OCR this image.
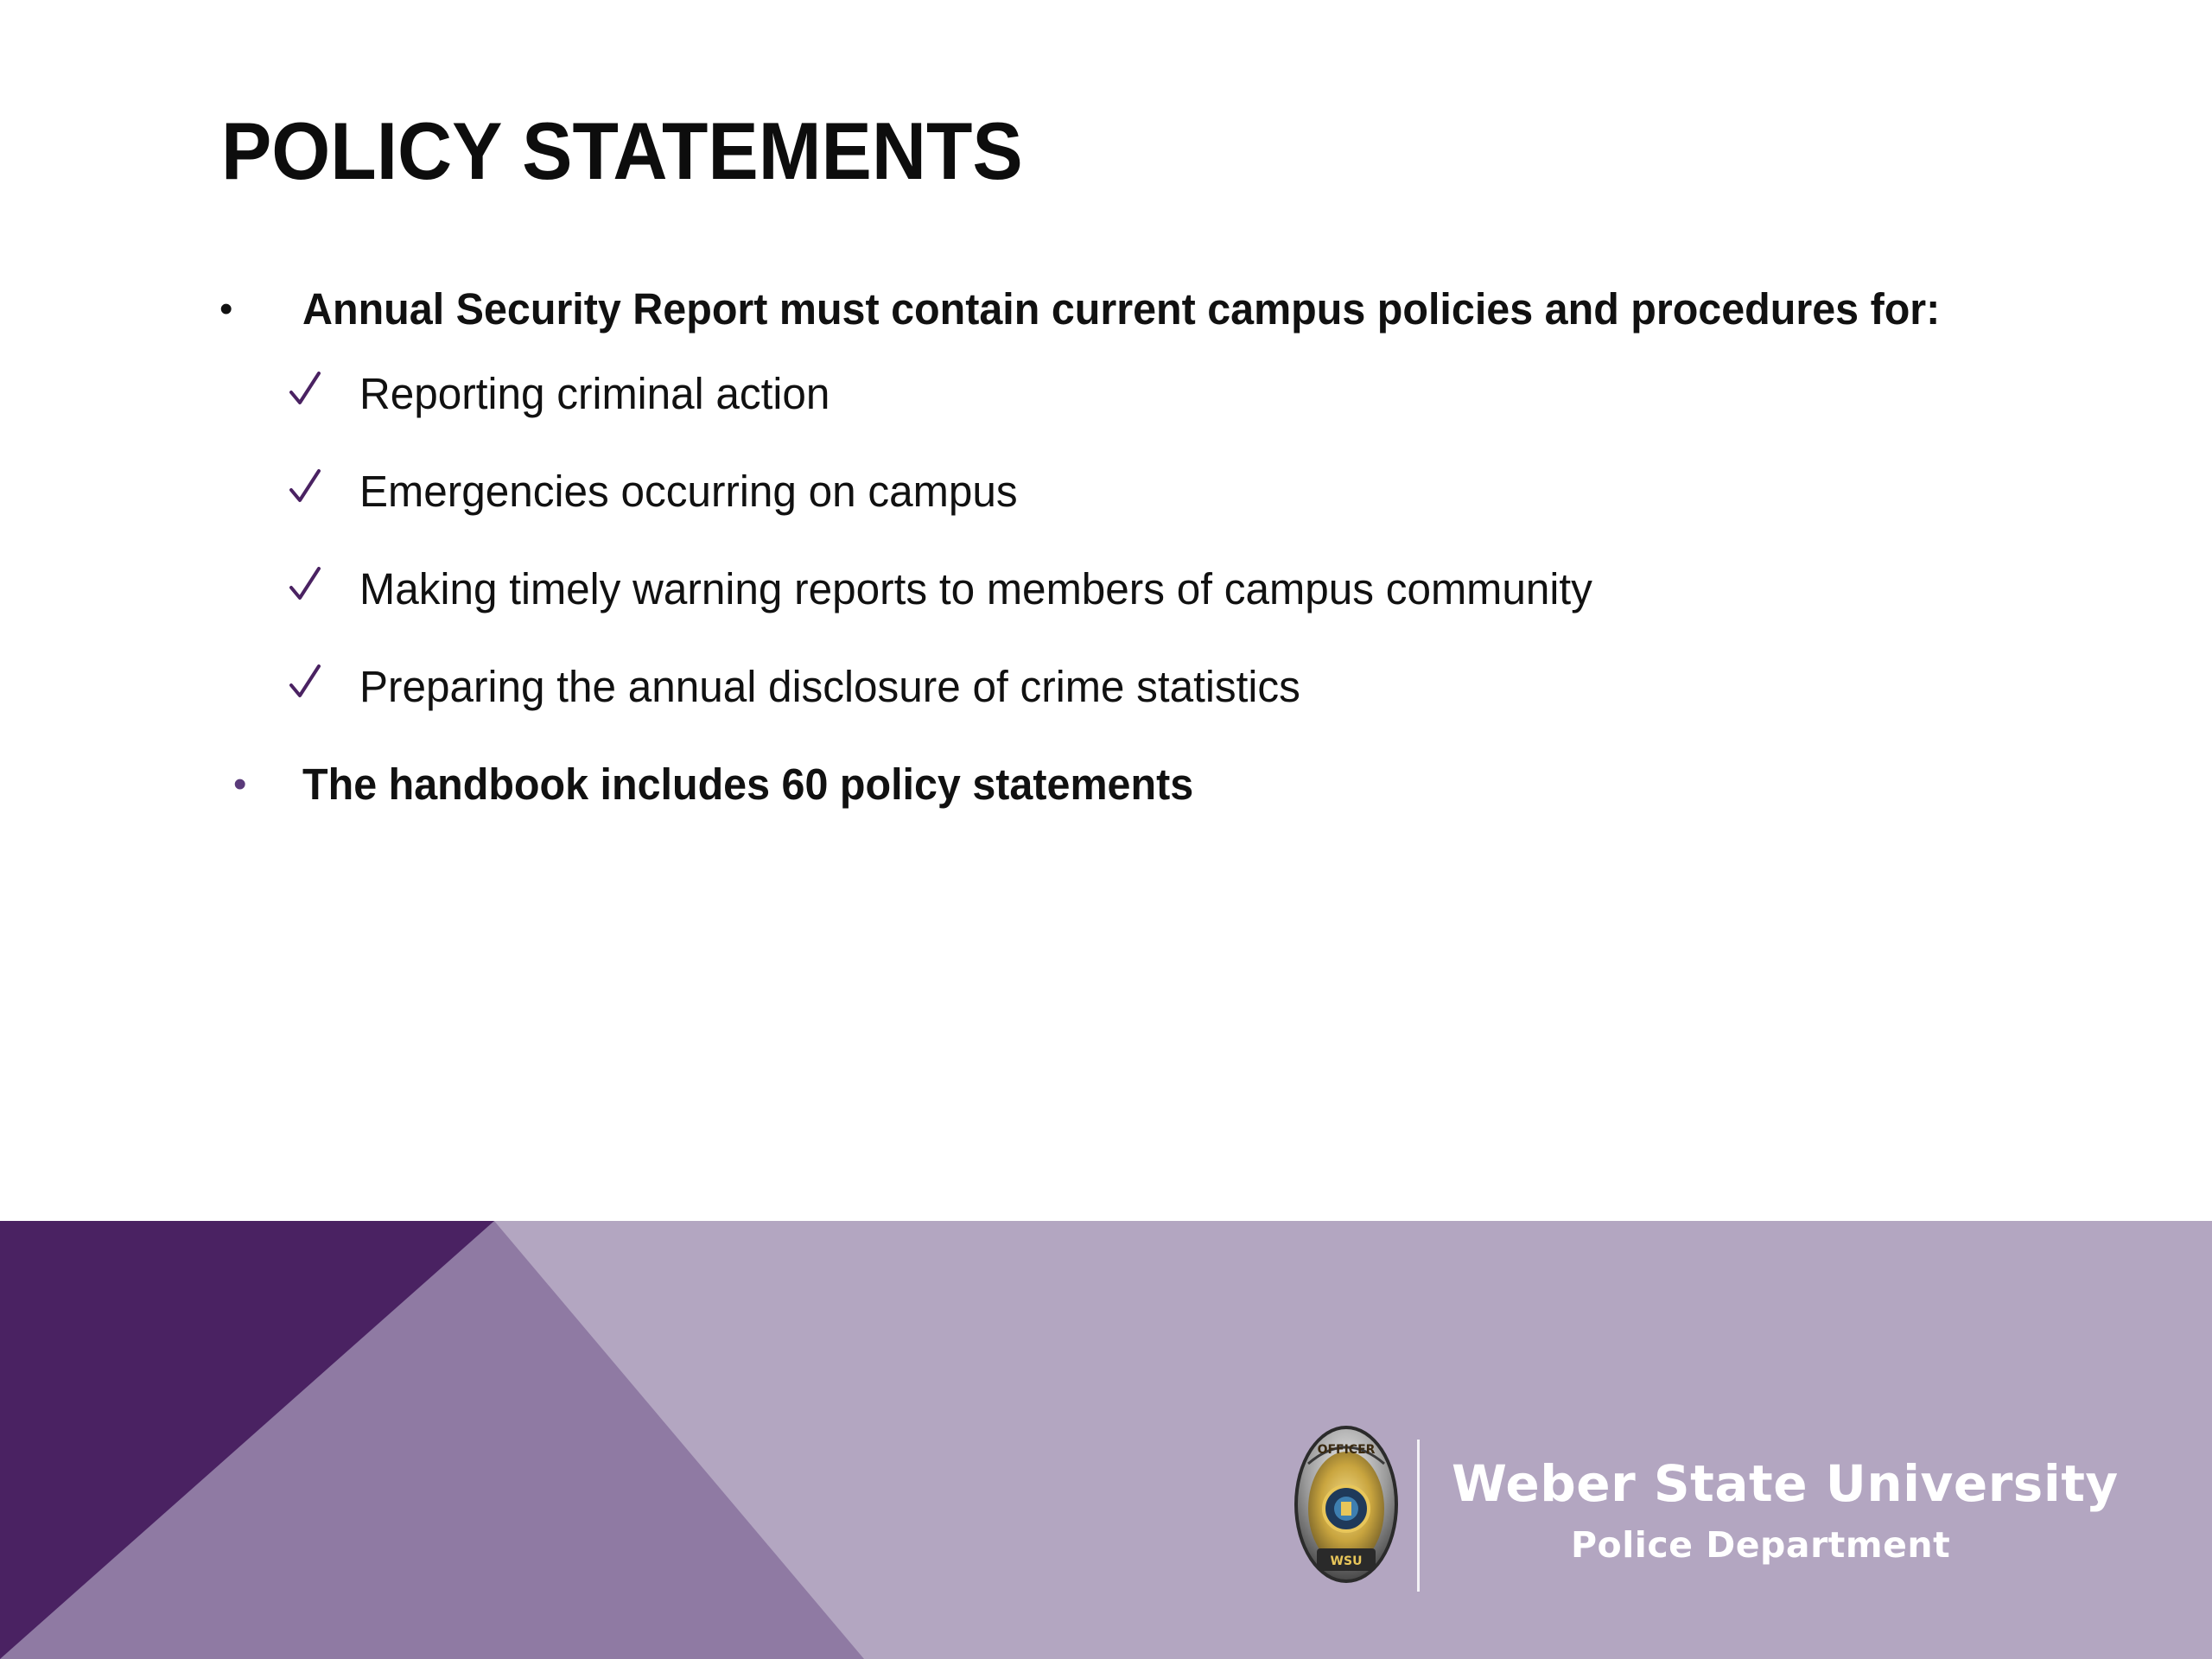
POLICY STATEMENTS
• Annual Security Report must contain current campus policies and procedures for:
Reporting criminal action
Emergencies occurring on campus
Making timely warning reports to members of campus community
Preparing the annual disclosure of crime statistics
• The handbook includes 60 policy statements
OFFICER
WSU
Weber State University
Police Department
